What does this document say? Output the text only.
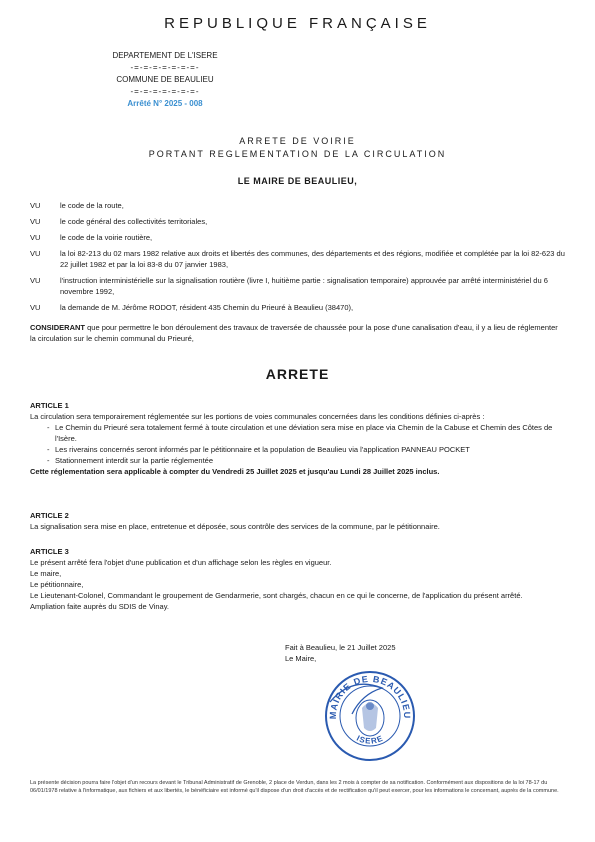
REPUBLIQUE FRANÇAISE
DEPARTEMENT DE L'ISERE
-=-=-=-=-=-=-=-
COMMUNE DE BEAULIEU
-=-=-=-=-=-=-=-
Arrêté N° 2025 - 008
ARRETE DE VOIRIE
PORTANT REGLEMENTATION DE LA CIRCULATION
LE MAIRE DE BEAULIEU,
VU	le code de la route,
VU	le code général des collectivités territoriales,
VU	le code de la voirie routière,
VU	la loi 82-213 du 02 mars 1982 relative aux droits et libertés des communes, des départements et des régions, modifiée et complétée par la loi 82-623 du 22 juillet 1982 et par la loi 83-8 du 07 janvier 1983,
VU	l'instruction interministérielle sur la signalisation routière (livre I, huitième partie : signalisation temporaire) approuvée par arrêté interministériel du 6 novembre 1992,
VU	la demande de M. Jérôme RODOT, résident 435 Chemin du Prieuré à Beaulieu (38470),
CONSIDERANT que pour permettre le bon déroulement des travaux de traversée de chaussée pour la pose d'une canalisation d'eau, il y a lieu de réglementer la circulation sur le chemin communal du Prieuré,
ARRETE
ARTICLE 1
La circulation sera temporairement réglementée sur les portions de voies communales concernées dans les conditions définies ci-après :
- Le Chemin du Prieuré sera totalement fermé à toute circulation et une déviation sera mise en place via Chemin de la Cabuse et Chemin des Côtes de l'Isère.
- Les riverains concernés seront informés par le pétitionnaire et la population de Beaulieu via l'application PANNEAU POCKET
- Stationnement interdit sur la partie réglementée
Cette réglementation sera applicable à compter du Vendredi 25 Juillet 2025 et jusqu'au Lundi 28 Juillet 2025 inclus.
ARTICLE 2
La signalisation sera mise en place, entretenue et déposée, sous contrôle des services de la commune, par le pétitionnaire.
ARTICLE 3
Le présent arrêté fera l'objet d'une publication et d'un affichage selon les règles en vigueur.
Le maire,
Le pétitionnaire,
Le Lieutenant-Colonel, Commandant le groupement de Gendarmerie, sont chargés, chacun en ce qui le concerne, de l'application du présent arrêté.
Ampliation faite auprès du SDIS de Vinay.
Fait à Beaulieu, le 21 Juillet 2025
Le Maire,
MAIRIE DE BEAULIEU
ISERE
La présente décision pourra faire l'objet d'un recours devant le Tribunal Administratif de Grenoble, 2 place de Verdun, dans les 2 mois à compter de sa notification. Conformément aux dispositions de la loi 78-17 du 06/01/1978 relative à l'informatique, aux fichiers et aux libertés, le bénéficiaire est informé qu'il dispose d'un droit d'accès et de rectification qu'il peut exercer, pour les informations le concernant, auprès de la commune.
